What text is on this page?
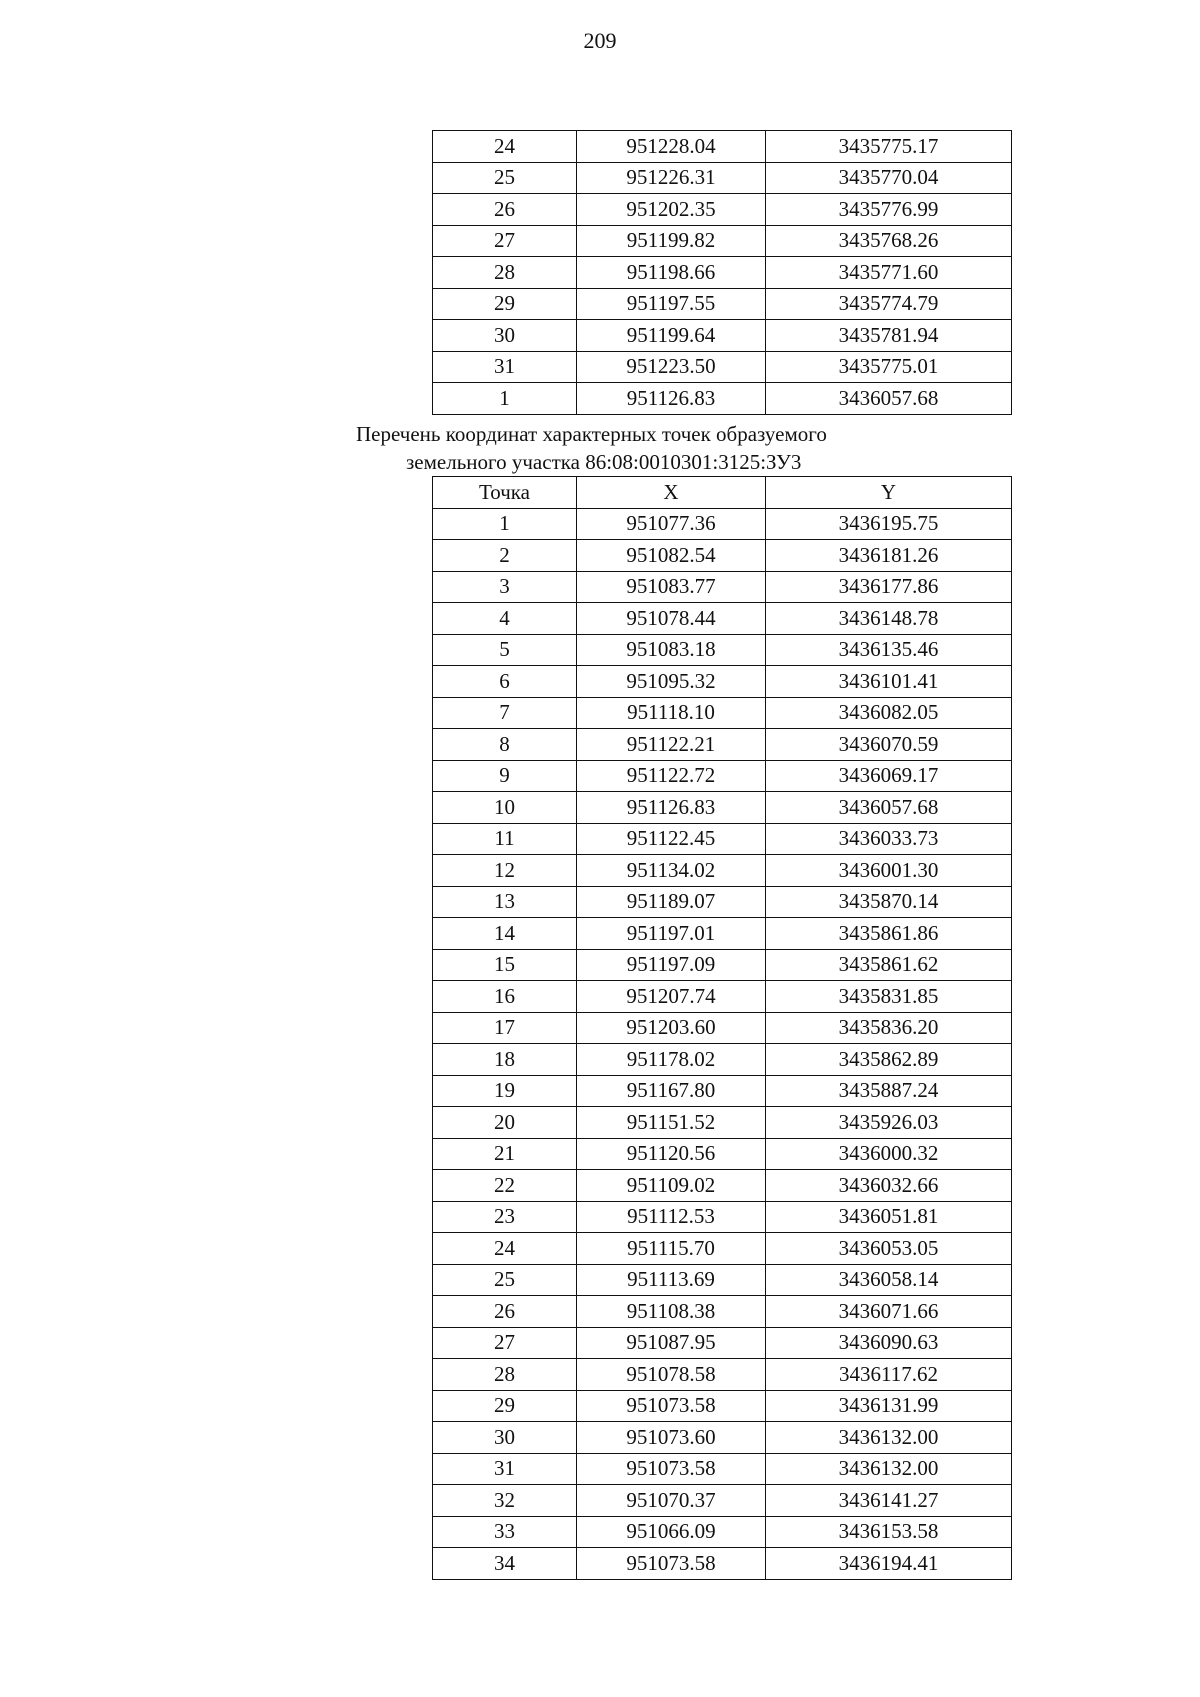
209
24	951228.04	3435775.17
25	951226.31	3435770.04
26	951202.35	3435776.99
27	951199.82	3435768.26
28	951198.66	3435771.60
29	951197.55	3435774.79
30	951199.64	3435781.94
31	951223.50	3435775.01
1	951126.83	3436057.68
Перечень координат характерных точек образуемого
земельного участка 86:08:0010301:3125:ЗУ3
Точка	X	Y
1	951077.36	3436195.75
2	951082.54	3436181.26
3	951083.77	3436177.86
4	951078.44	3436148.78
5	951083.18	3436135.46
6	951095.32	3436101.41
7	951118.10	3436082.05
8	951122.21	3436070.59
9	951122.72	3436069.17
10	951126.83	3436057.68
11	951122.45	3436033.73
12	951134.02	3436001.30
13	951189.07	3435870.14
14	951197.01	3435861.86
15	951197.09	3435861.62
16	951207.74	3435831.85
17	951203.60	3435836.20
18	951178.02	3435862.89
19	951167.80	3435887.24
20	951151.52	3435926.03
21	951120.56	3436000.32
22	951109.02	3436032.66
23	951112.53	3436051.81
24	951115.70	3436053.05
25	951113.69	3436058.14
26	951108.38	3436071.66
27	951087.95	3436090.63
28	951078.58	3436117.62
29	951073.58	3436131.99
30	951073.60	3436132.00
31	951073.58	3436132.00
32	951070.37	3436141.27
33	951066.09	3436153.58
34	951073.58	3436194.41
